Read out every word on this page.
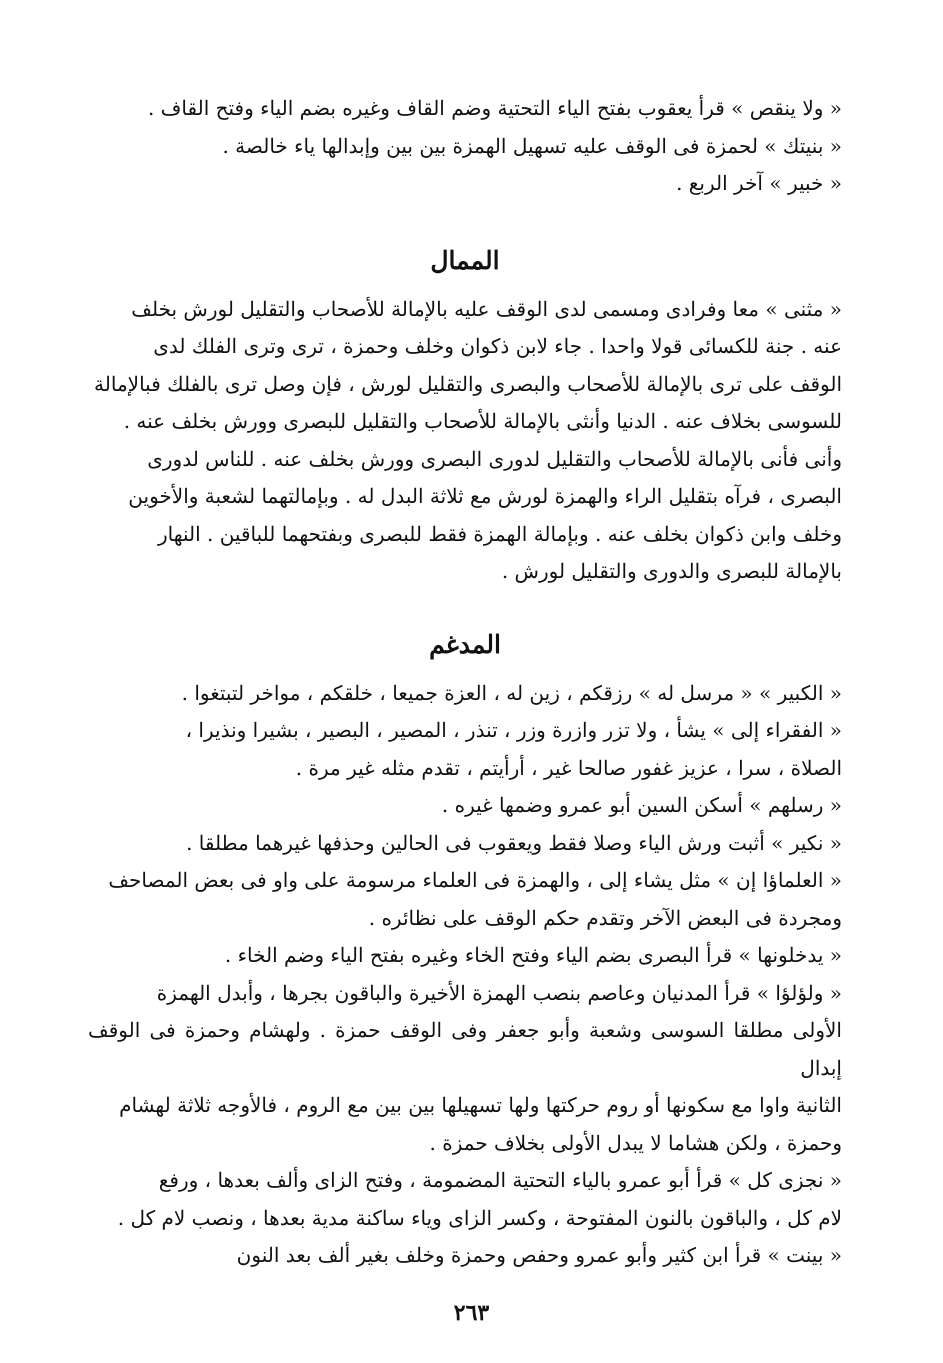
« ولا ينقص » قرأ يعقوب بفتح الياء التحتية وضم القاف وغيره بضم الياء وفتح القاف .
« بنيتك » لحمزة فى الوقف عليه تسهيل الهمزة بين بين وإبدالها ياء خالصة .
« خبير » آخر الربع .
الممال
« مثنى » معا وفرادى ومسمى لدى الوقف عليه بالإمالة للأصحاب والتقليل لورش بخلف
عنه . جنة للكسائى قولا واحدا . جاء لابن ذكوان وخلف وحمزة ، ترى وترى الفلك لدى
الوقف على ترى بالإمالة للأصحاب والبصرى والتقليل لورش ، فإن وصل ترى بالفلك فبالإمالة
للسوسى بخلاف عنه . الدنيا وأنثى بالإمالة للأصحاب والتقليل للبصرى وورش بخلف عنه .
وأنى فأنى بالإمالة للأصحاب والتقليل لدورى البصرى وورش بخلف عنه . للناس لدورى
البصرى ، فرآه بتقليل الراء والهمزة لورش مع ثلاثة البدل له . وبإمالتهما لشعبة والأخوين
وخلف وابن ذكوان بخلف عنه . وبإمالة الهمزة فقط للبصرى وبفتحهما للباقين . النهار
بالإمالة للبصرى والدورى والتقليل لورش .
المدغم
« الكبير » « مرسل له » رزقكم ، زين له ، العزة جميعا ، خلقكم ، مواخر لتبتغوا .
« الفقراء إلى » يشأ ، ولا تزر وازرة وزر ، تنذر ، المصير ، البصير ، بشيرا ونذيرا ،
الصلاة ، سرا ، عزيز غفور صالحا غير ، أرأيتم ، تقدم مثله غير مرة .
« رسلهم » أسكن السين أبو عمرو وضمها غيره .
« نكير » أثبت ورش الياء وصلا فقط ويعقوب فى الحالين وحذفها غيرهما مطلقا .
« العلماؤا إن » مثل يشاء إلى ، والهمزة فى العلماء مرسومة على واو فى بعض المصاحف
ومجردة فى البعض الآخر وتقدم حكم الوقف على نظائره .
« يدخلونها » قرأ البصرى بضم الياء وفتح الخاء وغيره بفتح الياء وضم الخاء .
« ولؤلؤا » قرأ المدنيان وعاصم بنصب الهمزة الأخيرة والباقون بجرها ، وأبدل الهمزة
الأولى مطلقا السوسى وشعبة وأبو جعفر وفى الوقف حمزة . ولهشام وحمزة فى الوقف إبدال
الثانية واوا مع سكونها أو روم حركتها ولها تسهيلها بين بين مع الروم ، فالأوجه ثلاثة لهشام
وحمزة ، ولكن هشاما لا يبدل الأولى بخلاف حمزة .
« نجزى كل » قرأ أبو عمرو بالياء التحتية المضمومة ، وفتح الزاى وألف بعدها ، ورفع
لام كل ، والباقون بالنون المفتوحة ، وكسر الزاى وياء ساكنة مدية بعدها ، ونصب لام كل .
« بينت » قرأ ابن كثير وأبو عمرو وحفص وحمزة وخلف بغير ألف بعد النون
٢٦٣
